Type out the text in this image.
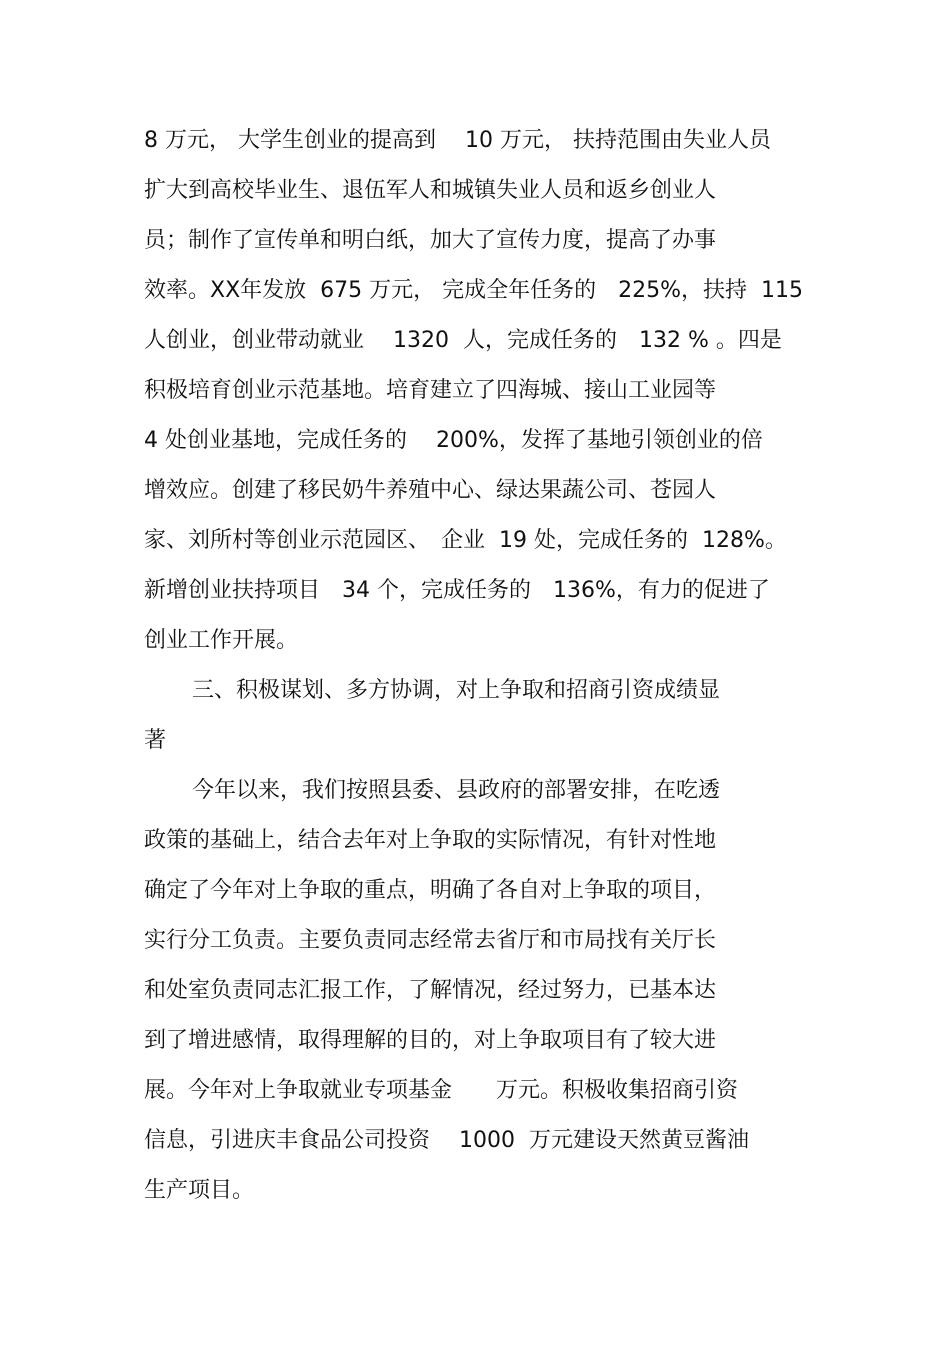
8 万元， 大学生创业的提高到　 10 万元， 扶持范围由失业人员

扩大到高校毕业生、退伍军人和城镇失业人员和返乡创业人

员；制作了宣传单和明白纸，加大了宣传力度，提高了办事

效率。XX年发放  675 万元， 完成全年任务的　225%，扶持  115

人创业，创业带动就业　 1320  人，完成任务的　132 % 。四是

积极培育创业示范基地。培育建立了四海城、接山工业园等

4 处创业基地，完成任务的　 200%，发挥了基地引领创业的倍

增效应。创建了移民奶牛养殖中心、绿达果蔬公司、苍园人

家、刘所村等创业示范园区、　企业  19 处，完成任务的  128%。

新增创业扶持项目　34 个，完成任务的　136%，有力的促进了

创业工作开展。

三、积极谋划、多方协调，对上争取和招商引资成绩显

著

今年以来，我们按照县委、县政府的部署安排，在吃透

政策的基础上，结合去年对上争取的实际情况，有针对性地

确定了今年对上争取的重点，明确了各自对上争取的项目，

实行分工负责。主要负责同志经常去省厅和市局找有关厅长

和处室负责同志汇报工作，了解情况，经过努力，已基本达

到了增进感情，取得理解的目的，对上争取项目有了较大进

展。今年对上争取就业专项基金　　万元。积极收集招商引资

信息，引进庆丰食品公司投资　 1000  万元建设天然黄豆酱油

生产项目。
